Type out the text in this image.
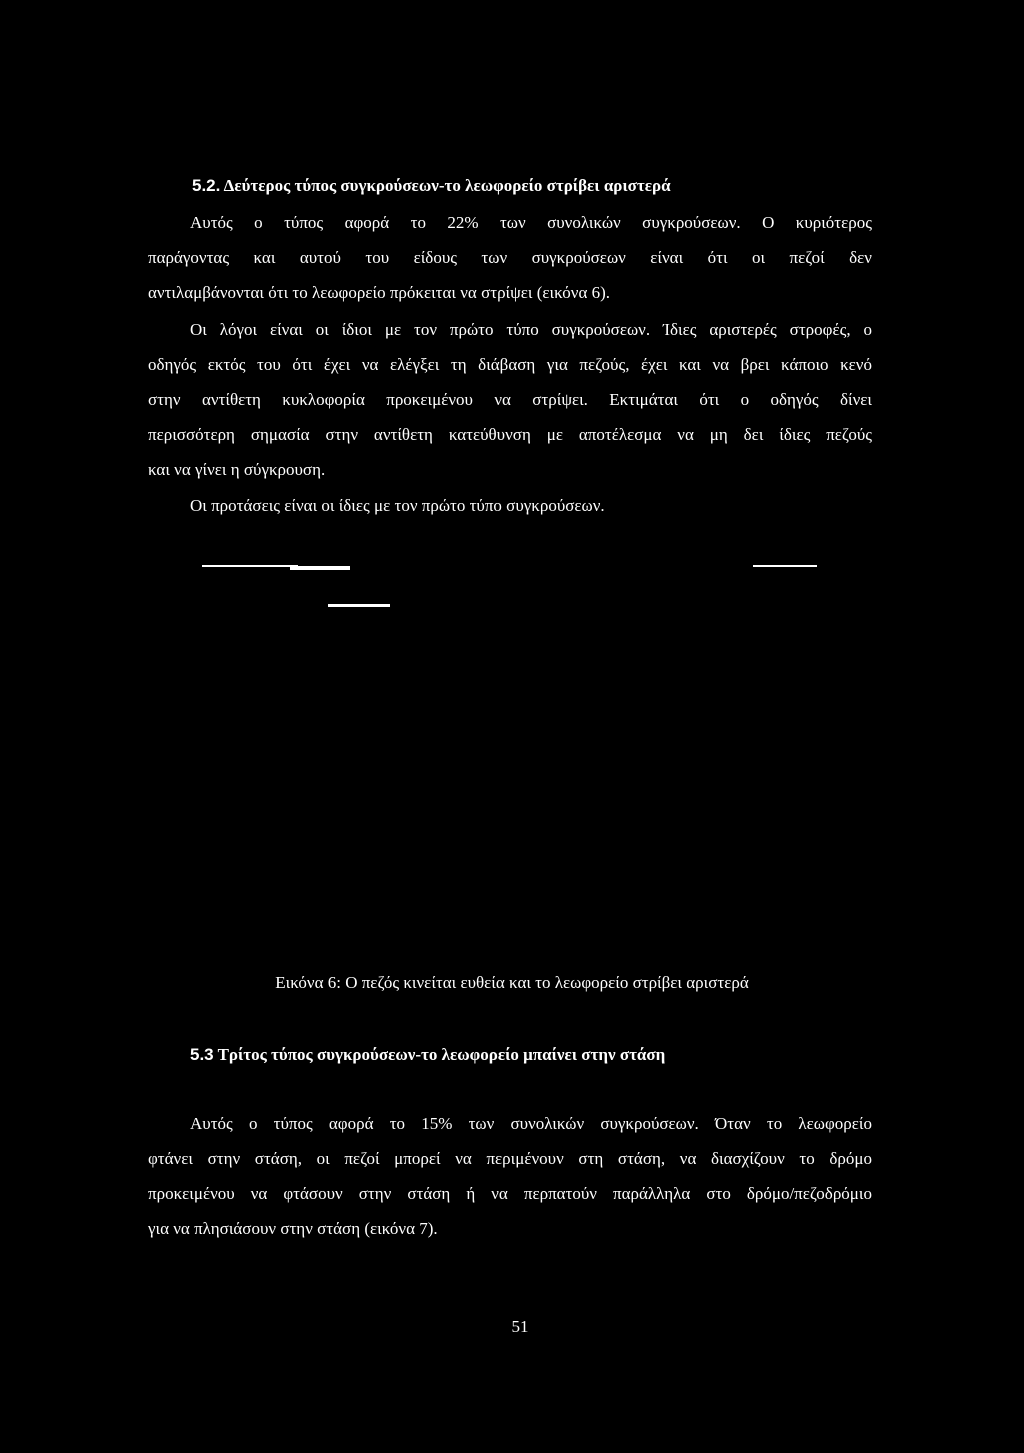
5.2. Δεύτερος τύπος συγκρούσεων-το λεωφορείο στρίβει αριστερά
Αυτός ο τύπος αφορά το 22% των συνολικών συγκρούσεων. Ο κυριότερος
παράγοντας και αυτού του είδους των συγκρούσεων είναι ότι οι πεζοί δεν
αντιλαμβάνονται ότι το λεωφορείο πρόκειται να στρίψει (εικόνα 6).
Οι λόγοι είναι οι ίδιοι με τον πρώτο τύπο συγκρούσεων. Ίδιες αριστερές στροφές, ο
οδηγός εκτός του ότι έχει να ελέγξει τη διάβαση για πεζούς, έχει και να βρει κάποιο κενό
στην αντίθετη κυκλοφορία προκειμένου να στρίψει. Εκτιμάται ότι ο οδηγός δίνει
περισσότερη σημασία στην αντίθετη κατεύθυνση με αποτέλεσμα να μη δει ίδιες πεζούς
και να γίνει η σύγκρουση.
Οι προτάσεις είναι οι ίδιες με τον πρώτο τύπο συγκρούσεων.
Εικόνα 6: Ο πεζός κινείται ευθεία και το λεωφορείο στρίβει αριστερά
5.3 Τρίτος τύπος συγκρούσεων-το λεωφορείο μπαίνει στην στάση
Αυτός ο τύπος αφορά το 15% των συνολικών συγκρούσεων. Όταν το λεωφορείο
φτάνει στην στάση, οι πεζοί μπορεί να περιμένουν στη στάση, να διασχίζουν το δρόμο
προκειμένου να φτάσουν στην στάση ή να περπατούν παράλληλα στο δρόμο/πεζοδρόμιο
για να πλησιάσουν στην στάση (εικόνα 7).
51
